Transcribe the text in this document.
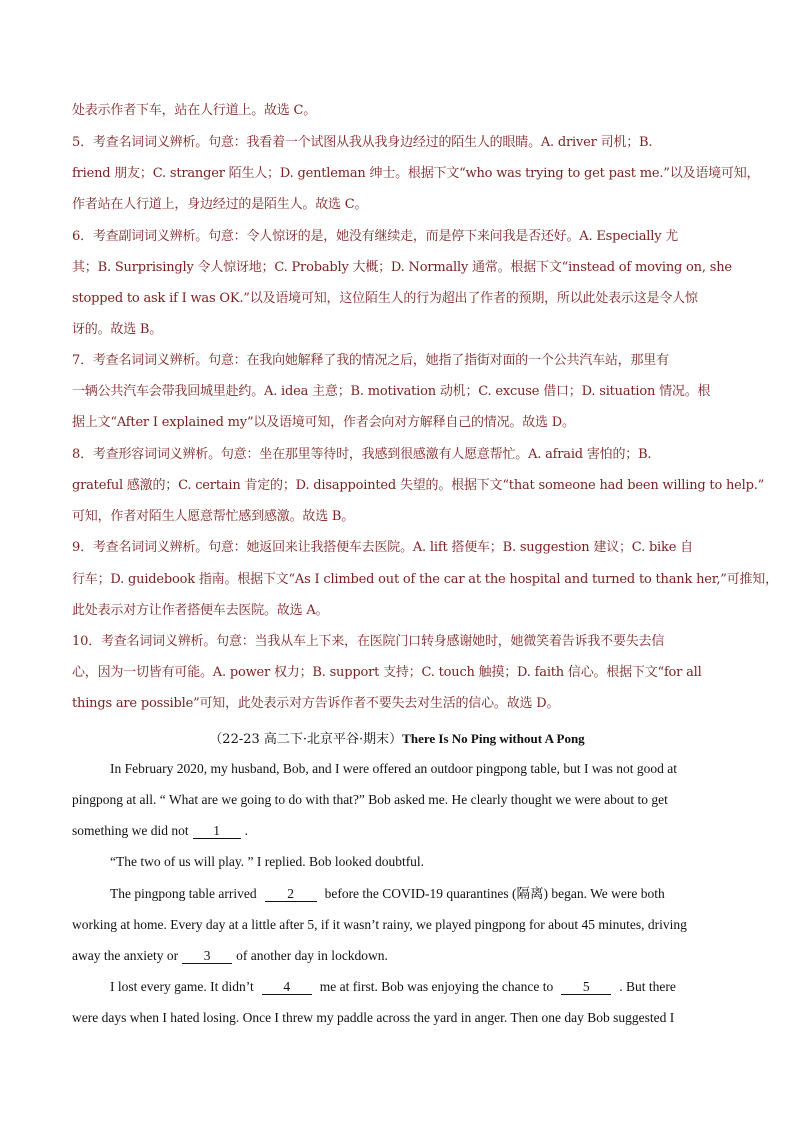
处表示作者下车，站在人行道上。故选 C。
5．考查名词词义辨析。句意：我看着一个试图从我从我身边经过的陌生人的眼睛。A. driver 司机；B.
friend 朋友；C. stranger 陌生人；D. gentleman 绅士。根据下文“who was trying to get past me.”以及语境可知，
作者站在人行道上，身边经过的是陌生人。故选 C。
6．考查副词词义辨析。句意：令人惊讶的是，她没有继续走，而是停下来问我是否还好。A. Especially 尤
其；B. Surprisingly 令人惊讶地；C. Probably 大概；D. Normally 通常。根据下文“instead of moving on, she
stopped to ask if I was OK.”以及语境可知，这位陌生人的行为超出了作者的预期，所以此处表示这是令人惊
讶的。故选 B。
7．考查名词词义辨析。句意：在我向她解释了我的情况之后，她指了指街对面的一个公共汽车站，那里有
一辆公共汽车会带我回城里赴约。A. idea 主意；B. motivation 动机；C. excuse 借口；D. situation 情况。根
据上文“After I explained my”以及语境可知，作者会向对方解释自己的情况。故选 D。
8．考查形容词词义辨析。句意：坐在那里等待时，我感到很感激有人愿意帮忙。A. afraid 害怕的；B.
grateful 感激的；C. certain 肯定的；D. disappointed 失望的。根据下文“that someone had been willing to help.”
可知，作者对陌生人愿意帮忙感到感激。故选 B。
9．考查名词词义辨析。句意：她返回来让我搭便车去医院。A. lift 搭便车；B. suggestion 建议；C. bike 自
行车；D. guidebook 指南。根据下文“As I climbed out of the car at the hospital and turned to thank her,”可推知，
此处表示对方让作者搭便车去医院。故选 A。
10．考查名词词义辨析。句意：当我从车上下来，在医院门口转身感谢她时，她微笑着告诉我不要失去信
心，因为一切皆有可能。A. power 权力；B. support 支持；C. touch 触摸；D. faith 信心。根据下文“for all
things are possible”可知，此处表示对方告诉作者不要失去对生活的信心。故选 D。
（22-23 高二下·北京平谷·期末）There Is No Ping without A Pong
In February 2020, my husband, Bob, and I were offered an outdoor pingpong table, but I was not good at
pingpong at all. “ What are we going to do with that?” Bob asked me. He clearly thought we were about to get
something we did not 1 .
“The two of us will play. ” I replied. Bob looked doubtful.
The pingpong table arrived 2 before the COVID-19 quarantines (隔离) began. We were both
working at home. Every day at a little after 5, if it wasn’t rainy, we played pingpong for about 45 minutes, driving
away the anxiety or 3 of another day in lockdown.
I lost every game. It didn’t 4 me at first. Bob was enjoying the chance to 5 . But there
were days when I hated losing. Once I threw my paddle across the yard in anger. Then one day Bob suggested I
